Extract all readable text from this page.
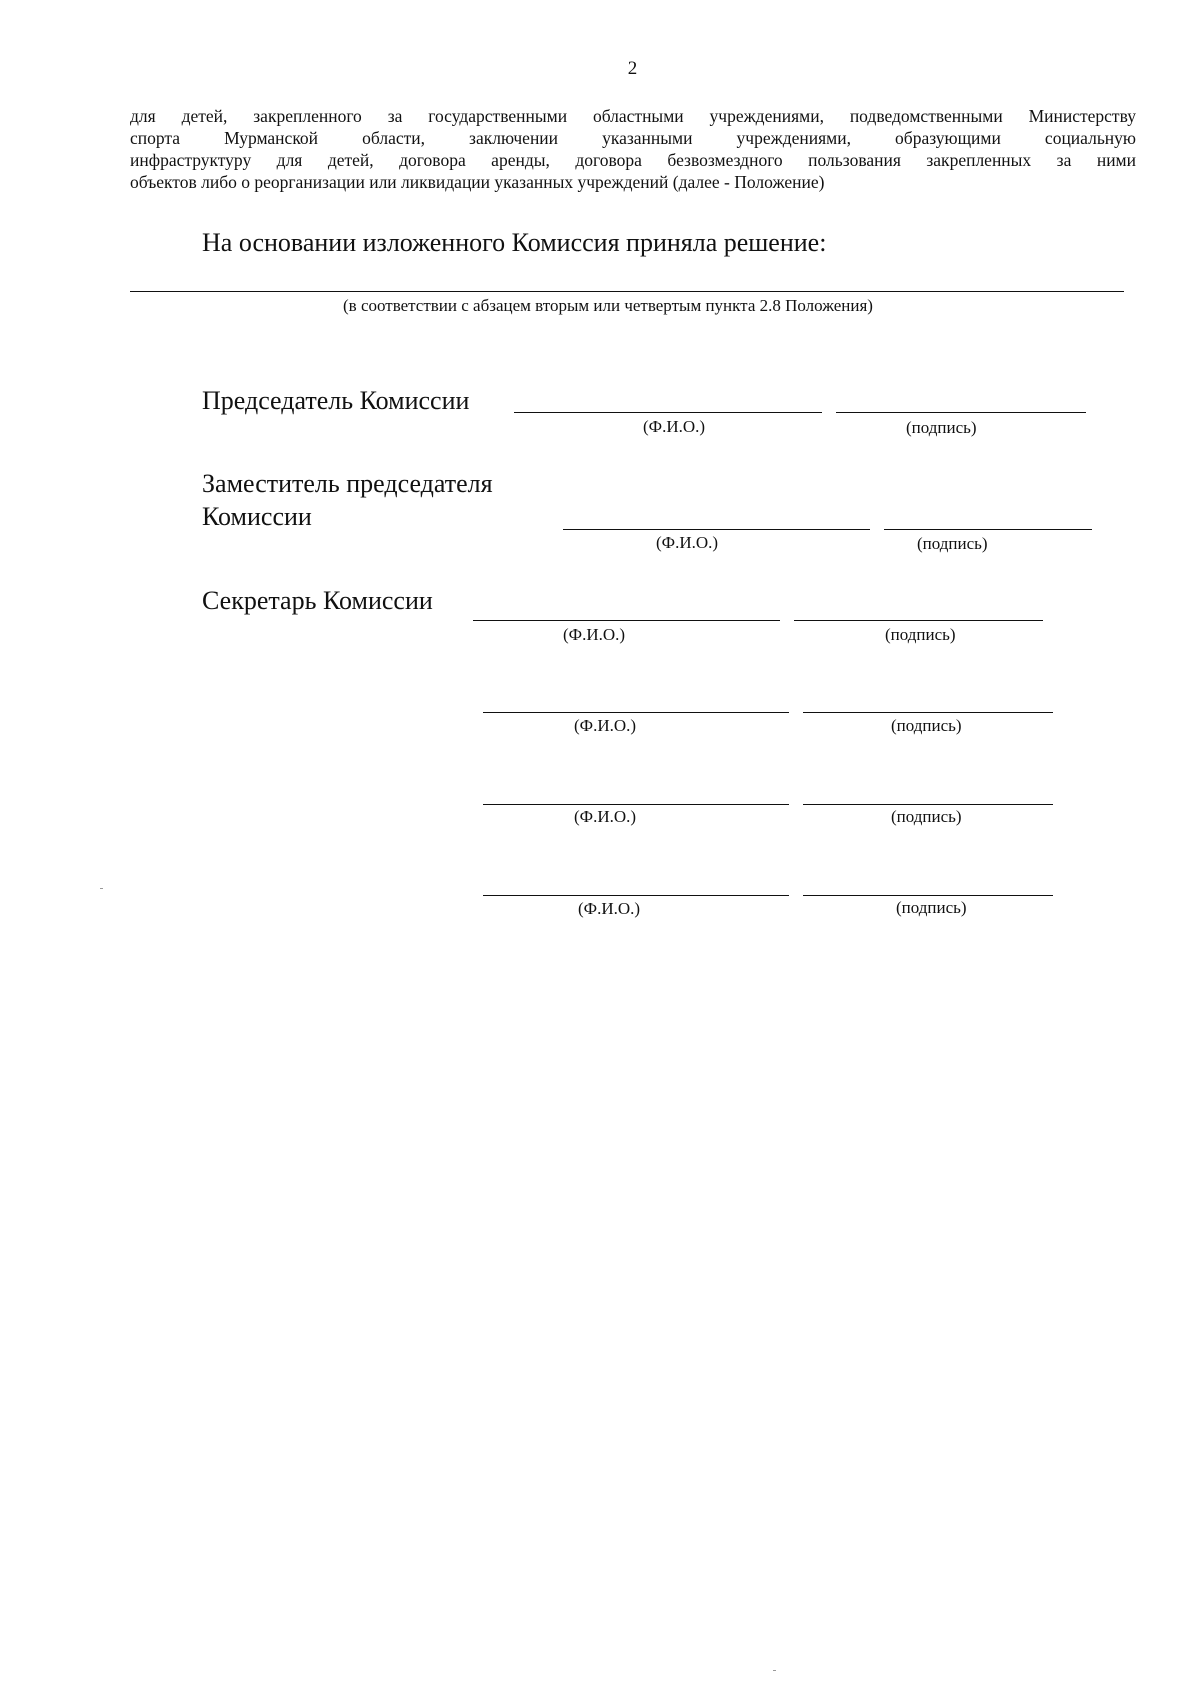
2
для детей, закрепленного за государственными областными учреждениями, подведомственными Министерству
спорта Мурманской области, заключении указанными учреждениями, образующими социальную
инфраструктуру для детей, договора аренды, договора безвозмездного пользования закрепленных за ними
объектов либо о реорганизации или ликвидации указанных учреждений (далее - Положение)
На основании изложенного Комиссия приняла решение:
(в соответствии с абзацем вторым или четвертым пункта 2.8 Положения)
Председатель Комиссии
(Ф.И.О.)	(подпись)
Заместитель председателя
Комиссии
(Ф.И.О.)	(подпись)
Секретарь Комиссии
(Ф.И.О.)	(подпись)
(Ф.И.О.)	(подпись)
(Ф.И.О.)	(подпись)
(Ф.И.О.)	(подпись)
